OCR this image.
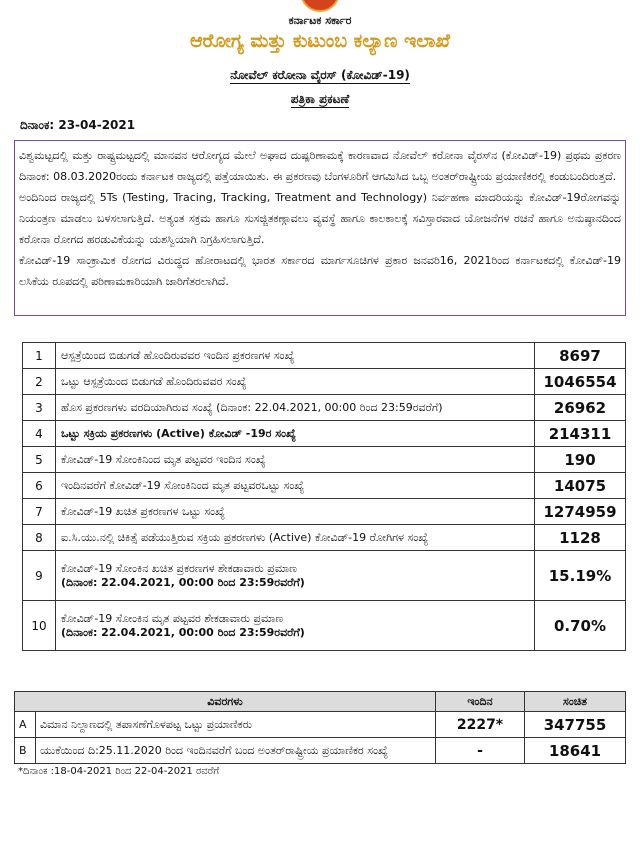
ಕರ್ನಾಟಕ ಸರ್ಕಾರ
ಆರೋಗ್ಯ ಮತ್ತು ಕುಟುಂಬ ಕಲ್ಯಾಣ ಇಲಾಖೆ
ನೋವೆಲ್ ಕರೋನಾ ವೈರಸ್ (ಕೋವಿಡ್-19)
ಪತ್ರಿಕಾ ಪ್ರಕಟಣೆ
ದಿನಾಂಕ: 23-04-2021

ವಿಶ್ವಮಟ್ಟದಲ್ಲಿ ಮತ್ತು ರಾಷ್ಟ್ರಮಟ್ಟದಲ್ಲಿ ಮಾನವನ ಆರೋಗ್ಯದ ಮೇಲೆ ಅಘಾದ ದುಷ್ಪರಿಣಾಮಕ್ಕೆ ಕಾರಣವಾದ ನೋವೆಲ್ ಕರೋನಾ ವೈರಸ್‍ನ (ಕೋವಿಡ್-19) ಪ್ರಥಮ ಪ್ರಕರಣ ದಿನಾಂಕ: 08.03.2020ರಂದು ಕರ್ನಾಟಕ ರಾಜ್ಯದಲ್ಲಿ ಪತ್ತೆಯಾಯಿತು. ಈ ಪ್ರಕರಣವು ಬೆಂಗಳೂರಿಗೆ ಆಗಮಿಸಿದ ಒಬ್ಬ ಅಂತರ್‌ರಾಷ್ಟ್ರೀಯ ಪ್ರಯಾಣಿಕರಲ್ಲಿ ಕಂಡುಬಂದಿರುತ್ತದೆ.

ಅಂದಿನಿಂದ ರಾಜ್ಯದಲ್ಲಿ 5Ts (Testing, Tracing, Tracking, Treatment and Technology) ನಿರ್ವಹಣಾ ಮಾದರಿಯನ್ನು ಕೋವಿಡ್-19ರೋಗವನ್ನು ನಿಯಂತ್ರಣ ಮಾಡಲು ಬಳಸಲಾಗುತ್ತಿದೆ. ಅತ್ಯಂತ ಸಕ್ರಮ ಹಾಗೂ ಸುಸಜ್ಜಿತಕಣ್ಗಾವಲು ವ್ಯವಸ್ಥೆ ಹಾಗೂ ಕಾಲಕಾಲಕ್ಕೆ ಸವಿಸ್ತಾರವಾದ ಯೋಜನೆಗಳ ರಚನೆ ಹಾಗೂ ಅನುಷ್ಠಾನದಿಂದ ಕರೋನಾ ರೋಗದ ಹರಡುವಿಕೆಯನ್ನು ಯಶಸ್ವಿಯಾಗಿ ನಿಗ್ರಹಿಸಲಾಗುತ್ತಿದೆ.

ಕೋವಿಡ್-19 ಸಾಂಕ್ರಾಮಿಕ ರೋಗದ ವಿರುದ್ಧದ ಹೋರಾಟದಲ್ಲಿ ಭಾರತ ಸರ್ಕಾರದ ಮಾರ್ಗಸೂಚಿಗಳ ಪ್ರಕಾರ ಜನವರಿ16, 2021ರಿಂದ ಕರ್ನಾಟಕದಲ್ಲಿ ಕೋವಿಡ್-19 ಲಸಿಕೆಯ ರೂಪದಲ್ಲಿ ಪರಿಣಾಮಕಾರಿಯಾಗಿ ಜಾರಿಗೆತರಲಾಗಿದೆ.

1	ಆಸ್ಪತ್ರೆಯಿಂದ ಬಿಡುಗಡೆ ಹೊಂದಿರುವವರ ಇಂದಿನ ಪ್ರಕರಣಗಳ ಸಂಖ್ಯೆ	8697
2	ಒಟ್ಟು ಆಸ್ಪತ್ರೆಯಿಂದ ಬಿಡುಗಡೆ ಹೊಂದಿರುವವರ ಸಂಖ್ಯೆ	1046554
3	ಹೊಸ ಪ್ರಕರಣಗಳು ವರದಿಯಾಗಿರುವ ಸಂಖ್ಯೆ (ದಿನಾಂಕ: 22.04.2021, 00:00 ರಿಂದ 23:59ರವರೆಗೆ)	26962
4	ಒಟ್ಟು ಸಕ್ರಿಯ ಪ್ರಕರಣಗಳು (Active) ಕೋವಿಡ್ -19ರ ಸಂಖ್ಯೆ	214311
5	ಕೋವಿಡ್-19 ಸೋಂಕಿನಿಂದ ಮೃತ ಪಟ್ಟವರ ಇಂದಿನ ಸಂಖ್ಯೆ	190
6	ಇಂದಿನವರೆಗೆ ಕೋವಿಡ್-19 ಸೋಂಕಿನಿಂದ ಮೃತ ಪಟ್ಟವರಒಟ್ಟು ಸಂಖ್ಯೆ	14075
7	ಕೋವಿಡ್-19 ಖಚಿತ ಪ್ರಕರಣಗಳ ಒಟ್ಟು ಸಂಖ್ಯೆ	1274959
8	ಐ.ಸಿ.ಯು.ನಲ್ಲಿ ಚಿಕಿತ್ಸೆ ಪಡೆಯುತ್ತಿರುವ ಸಕ್ರಿಯ ಪ್ರಕರಣಗಳು (Active) ಕೋವಿಡ್-19 ರೋಗಿಗಳ ಸಂಖ್ಯೆ	1128
9	ಕೋವಿಡ್-19 ಸೋಂಕಿನ ಖಚಿತ ಪ್ರಕರಣಗಳ ಶೇಕಡಾವಾರು ಪ್ರಮಾಣ
(ದಿನಾಂಕ: 22.04.2021, 00:00 ರಿಂದ 23:59ರವರೆಗೆ)	15.19%
10	ಕೋವಿಡ್-19 ಸೋಂಕಿನ ಮೃತ ಪಟ್ಟವರ ಶೇಕಡಾವಾರು ಪ್ರಮಾಣ
(ದಿನಾಂಕ: 22.04.2021, 00:00 ರಿಂದ 23:59ರವರೆಗೆ)	0.70%
ವಿವರಗಳು		ಇಂದಿನ	ಸಂಚಿತ
A	ವಿಮಾನ ನಿಲ್ದಾಣದಲ್ಲಿ ತಪಾಸಣೆಗೊಳಪಟ್ಟ ಒಟ್ಟು ಪ್ರಯಾಣಿಕರು	2227*	347755
B	ಯುಕೆಯಿಂದ ದಿ:25.11.2020 ರಿಂದ ಇಂದಿನವರೆಗೆ ಬಂದ ಅಂತರ್‌ರಾಷ್ಟ್ರೀಯ ಪ್ರಯಾಣಿಕರ ಸಂಖ್ಯೆ	-	18641
*ದಿನಾಂಕ :18-04-2021 ರಿಂದ 22-04-2021 ರವರೆಗೆ
